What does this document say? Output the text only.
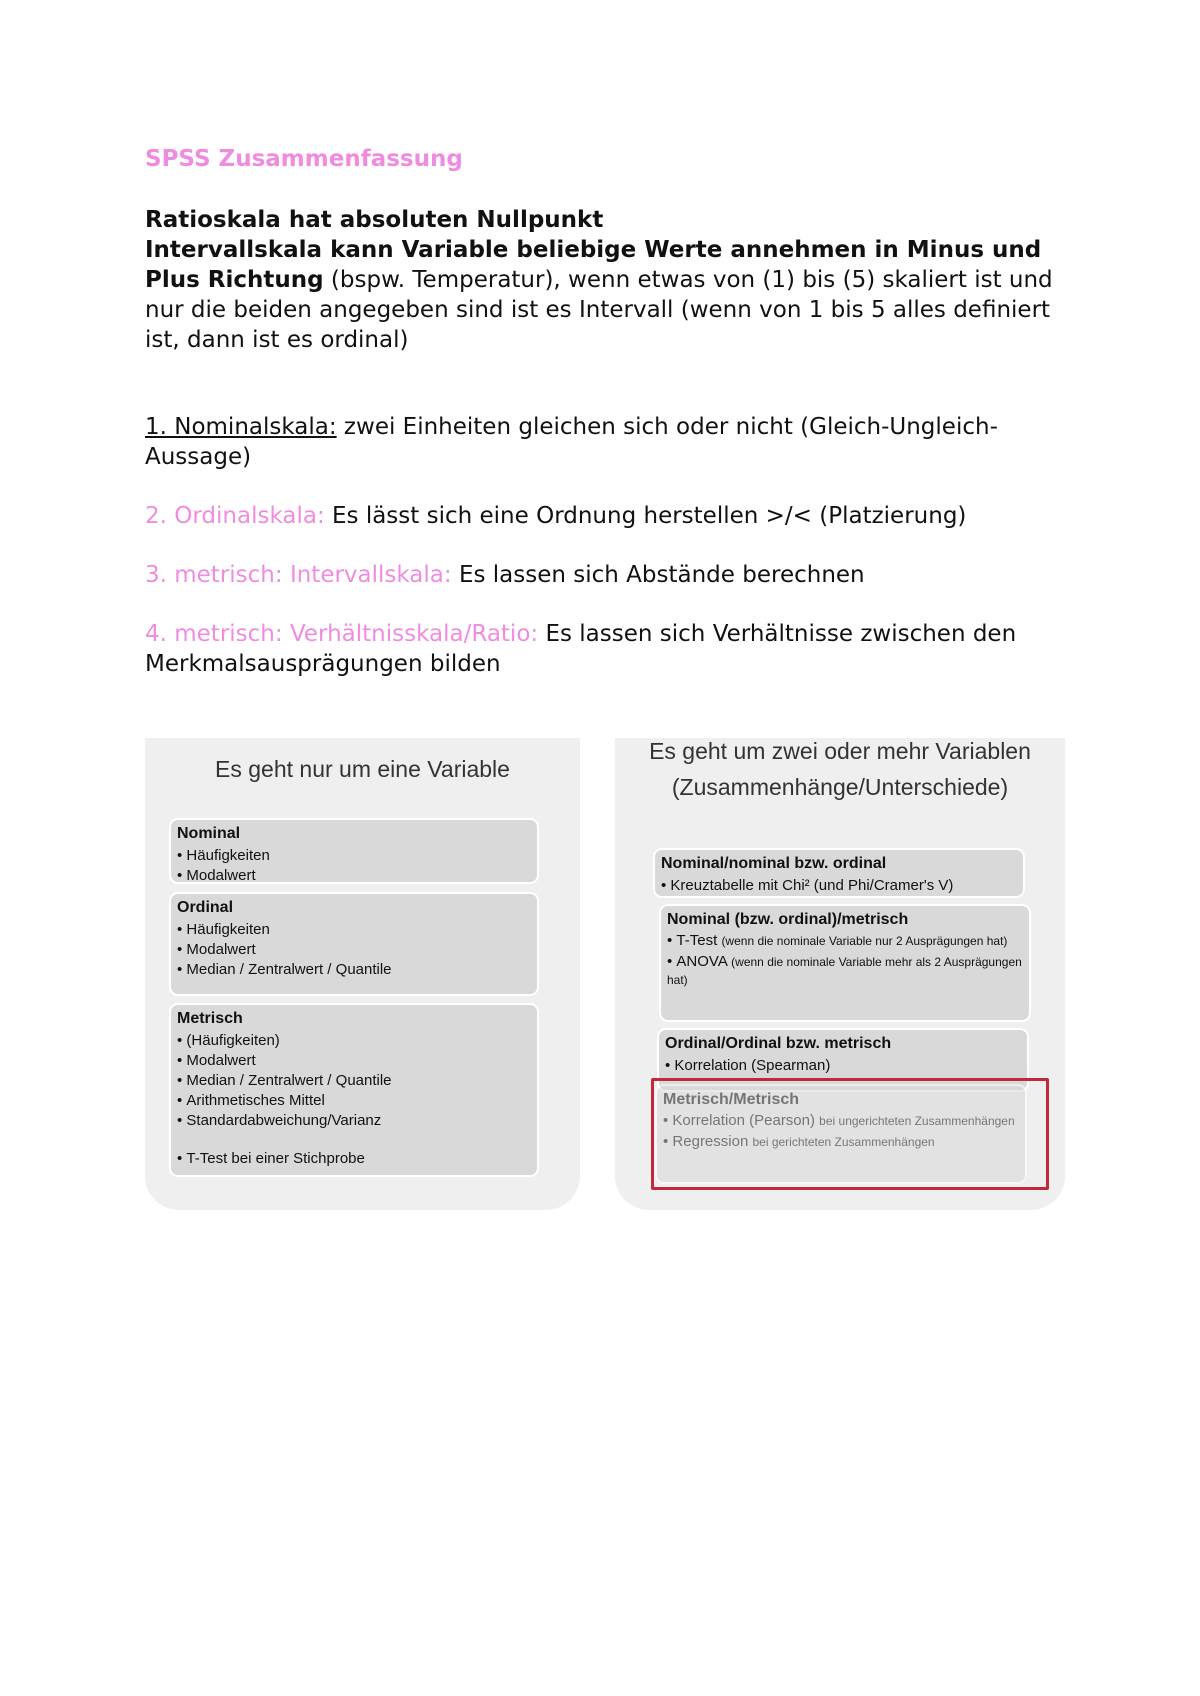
SPSS Zusammenfassung
Ratioskala hat absoluten Nullpunkt
Intervallskala kann Variable beliebige Werte annehmen in Minus und Plus Richtung (bspw. Temperatur), wenn etwas von (1) bis (5) skaliert ist und nur die beiden angegeben sind ist es Intervall (wenn von 1 bis 5 alles definiert ist, dann ist es ordinal)
1. Nominalskala: zwei Einheiten gleichen sich oder nicht (Gleich-Ungleich-Aussage)
2. Ordinalskala: Es lässt sich eine Ordnung herstellen >/< (Platzierung)
3. metrisch: Intervallskala: Es lassen sich Abstände berechnen
4. metrisch: Verhältnisskala/Ratio: Es lassen sich Verhältnisse zwischen den Merkmalsausprägungen bilden
Es geht nur um eine Variable
Nominal
• Häufigkeiten
• Modalwert
Ordinal
• Häufigkeiten
• Modalwert
• Median / Zentralwert / Quantile
Metrisch
• (Häufigkeiten)
• Modalwert
• Median / Zentralwert / Quantile
• Arithmetisches Mittel
• Standardabweichung/Varianz
• T-Test bei einer Stichprobe
Es geht um zwei oder mehr Variablen
(Zusammenhänge/Unterschiede)
Nominal/nominal bzw. ordinal
• Kreuztabelle mit Chi² (und Phi/Cramer's V)
Nominal (bzw. ordinal)/metrisch
• T-Test (wenn die nominale Variable nur 2 Ausprägungen hat)
• ANOVA (wenn die nominale Variable mehr als 2 Ausprägungen hat)
Ordinal/Ordinal bzw. metrisch
• Korrelation (Spearman)
Metrisch/Metrisch
• Korrelation (Pearson) bei ungerichteten Zusammenhängen
• Regression bei gerichteten Zusammenhängen
